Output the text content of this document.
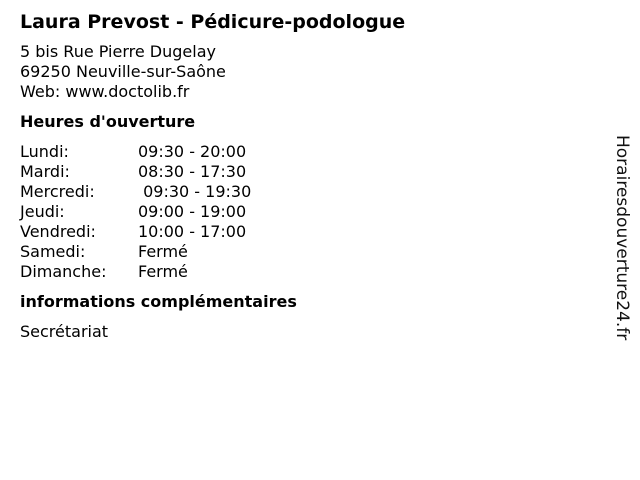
Laura Prevost - Pédicure-podologue
5 bis Rue Pierre Dugelay
69250 Neuville-sur-Saône
Web: www.doctolib.fr
Heures d'ouverture
Lundi:	09:30 - 20:00
Mardi:	08:30 - 17:30
Mercredi:	09:30 - 19:30
Jeudi:	09:00 - 19:00
Vendredi:	10:00 - 17:00
Samedi:	Fermé
Dimanche:	Fermé
informations complémentaires
Secrétariat	Horairesdouverture24.fr
